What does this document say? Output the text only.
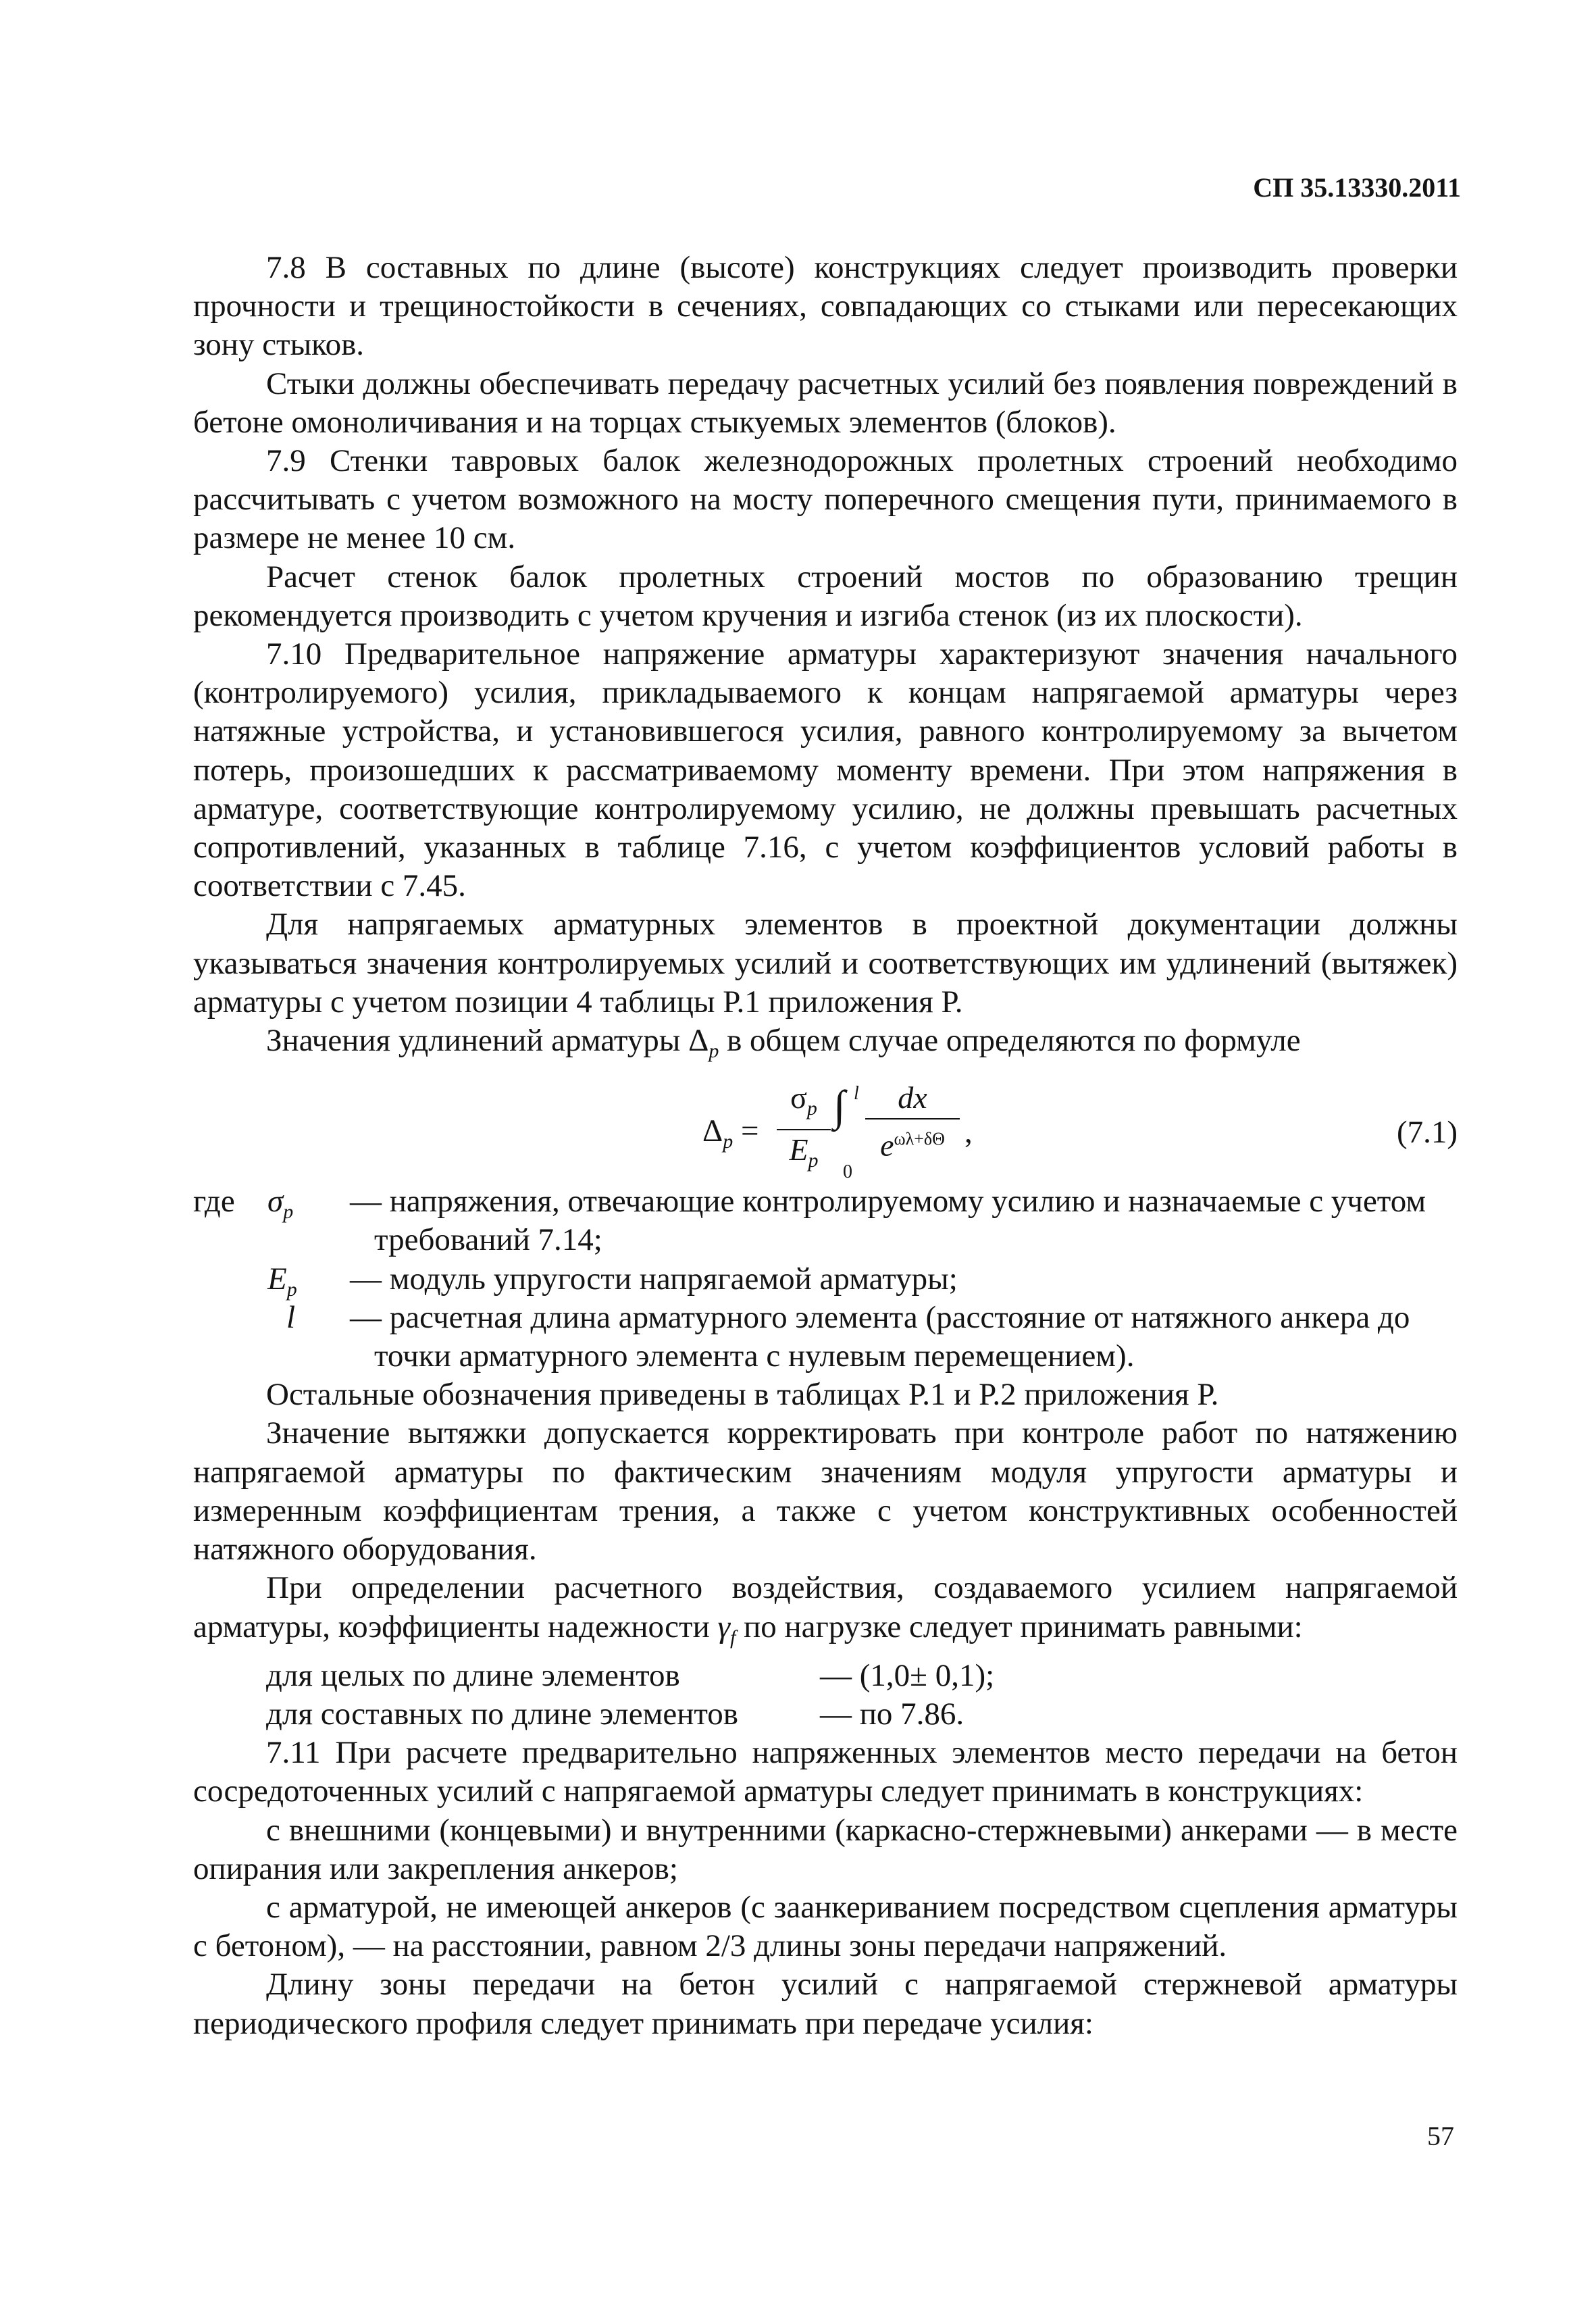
СП 35.13330.2011

7.8 В составных по длине (высоте) конструкциях следует производить проверки прочности и трещиностойкости в сечениях, совпадающих со стыками или пересекающих зону стыков.

Стыки должны обеспечивать передачу расчетных усилий без появления повреждений в бетоне омоноличивания и на торцах стыкуемых элементов (блоков).

7.9 Стенки тавровых балок железнодорожных пролетных строений необходимо рассчитывать с учетом возможного на мосту поперечного смещения пути, принимаемого в размере не менее 10 см.

Расчет стенок балок пролетных строений мостов по образованию трещин рекомендуется производить с учетом кручения и изгиба стенок (из их плоскости).

7.10 Предварительное напряжение арматуры характеризуют значения начального (контролируемого) усилия, прикладываемого к концам напрягаемой арматуры через натяжные устройства, и установившегося усилия, равного контролируемому за вычетом потерь, произошедших к рассматриваемому моменту времени. При этом напряжения в арматуре, соответствующие контролируемому усилию, не должны превышать расчетных сопротивлений, указанных в таблице 7.16, с учетом коэффициентов условий работы в соответствии с 7.45.

Для напрягаемых арматурных элементов в проектной документации должны указываться значения контролируемых усилий и соответствующих им удлинений (вытяжек) арматуры с учетом позиции 4 таблицы Р.1 приложения Р.

Значения удлинений арматуры $\Delta_p$ в общем случае определяются по формуле

$\Delta_p = \frac{\sigma_p}{E_p}$ ∫ l
0
dx
$e^{\omega\lambda+\delta\Theta}$ ,	(7.1)
где $\sigma_p$ — напряжения, отвечающие контролируемому усилию и назначаемые с учетом
требований 7.14;
$E_p$ — модуль упругости напрягаемой арматуры;
l — расчетная длина арматурного элемента (расстояние от натяжного анкера до
точки арматурного элемента с нулевым перемещением).

Остальные обозначения приведены в таблицах Р.1 и Р.2 приложения Р.

Значение вытяжки допускается корректировать при контроле работ по натяжению напрягаемой арматуры по фактическим значениям модуля упругости арматуры и измеренным коэффициентам трения, а также с учетом конструктивных особенностей натяжного оборудования.

При определении расчетного воздействия, создаваемого усилием напрягаемой арматуры, коэффициенты надежности $\gamma_f$ по нагрузке следует принимать равными:

для целых по длине элементов	— (1,0± 0,1);
для составных по длине элементов	— по 7.86.

7.11 При расчете предварительно напряженных элементов место передачи на бетон сосредоточенных усилий с напрягаемой арматуры следует принимать в конструкциях:

с внешними (концевыми) и внутренними (каркасно-стержневыми) анкерами — в месте опирания или закрепления анкеров;

с арматурой, не имеющей анкеров (с заанкериванием посредством сцепления арматуры с бетоном), — на расстоянии, равном 2/3 длины зоны передачи напряжений.

Длину зоны передачи на бетон усилий с напрягаемой стержневой арматуры периодического профиля следует принимать при передаче усилия:

57
